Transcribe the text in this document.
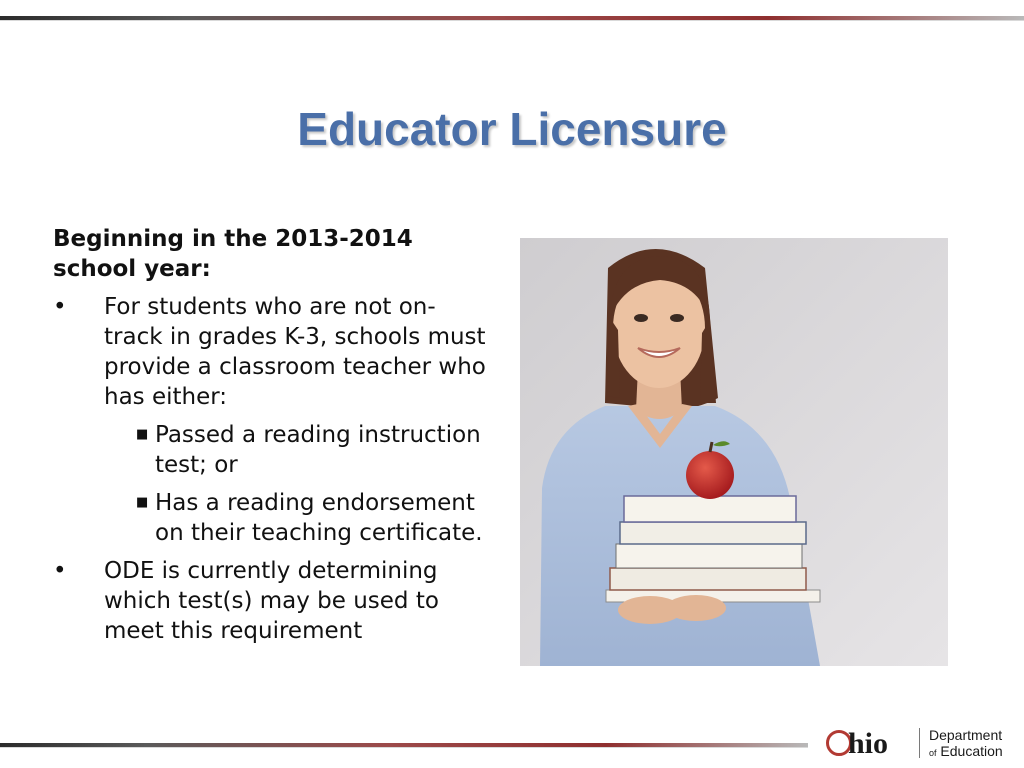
Educator Licensure

Beginning in the 2013-2014 school year:

• For students who are not on-track in grades K-3, schools must provide a classroom teacher who has either:
■ Passed a reading instruction test; or
■ Has a reading endorsement on their teaching certificate.
• ODE is currently determining which test(s) may be used to meet this requirement
hio	Department
of Education
